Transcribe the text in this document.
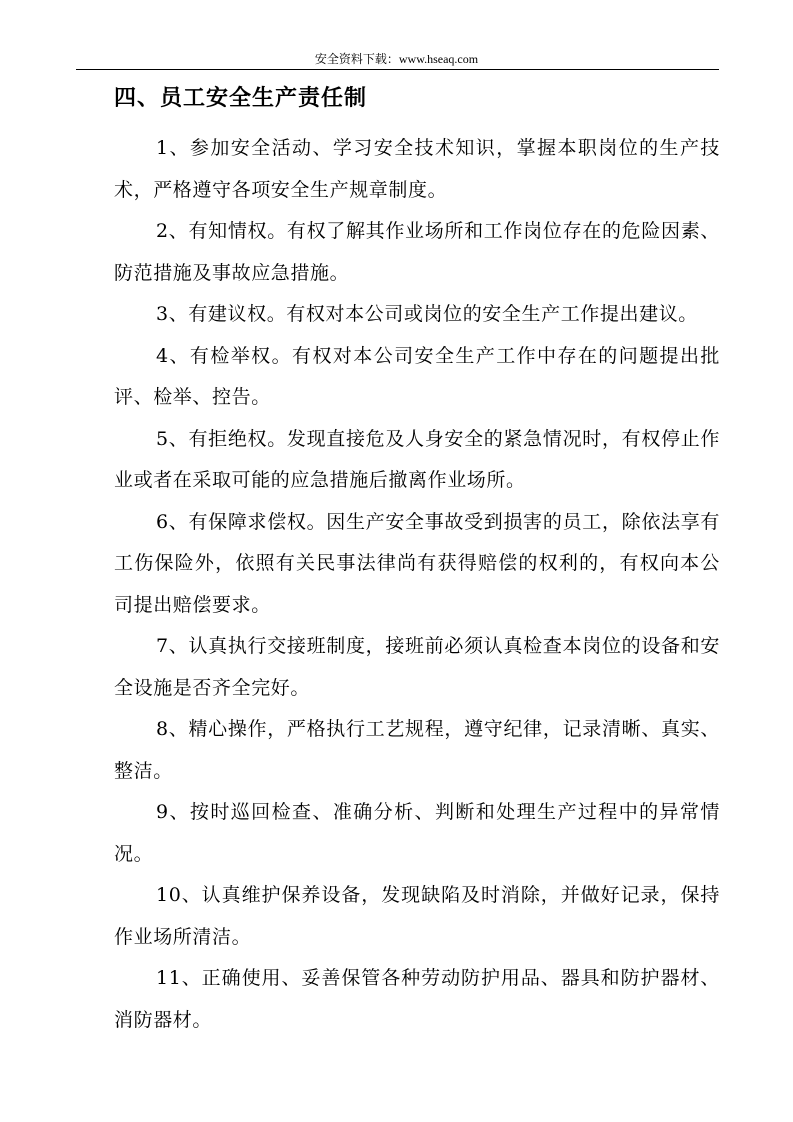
安全资料下载：www.hseaq.com
四、员工安全生产责任制

1、参加安全活动、学习安全技术知识，掌握本职岗位的生产技术，严格遵守各项安全生产规章制度。

2、有知情权。有权了解其作业场所和工作岗位存在的危险因素、防范措施及事故应急措施。

3、有建议权。有权对本公司或岗位的安全生产工作提出建议。

4、有检举权。有权对本公司安全生产工作中存在的问题提出批评、检举、控告。

5、有拒绝权。发现直接危及人身安全的紧急情况时，有权停止作业或者在采取可能的应急措施后撤离作业场所。

6、有保障求偿权。因生产安全事故受到损害的员工，除依法享有工伤保险外，依照有关民事法律尚有获得赔偿的权利的，有权向本公司提出赔偿要求。

7、认真执行交接班制度，接班前必须认真检查本岗位的设备和安全设施是否齐全完好。

8、精心操作，严格执行工艺规程，遵守纪律，记录清晰、真实、整洁。

9、按时巡回检查、准确分析、判断和处理生产过程中的异常情况。

10、认真维护保养设备，发现缺陷及时消除，并做好记录，保持作业场所清洁。

11、正确使用、妥善保管各种劳动防护用品、器具和防护器材、消防器材。
